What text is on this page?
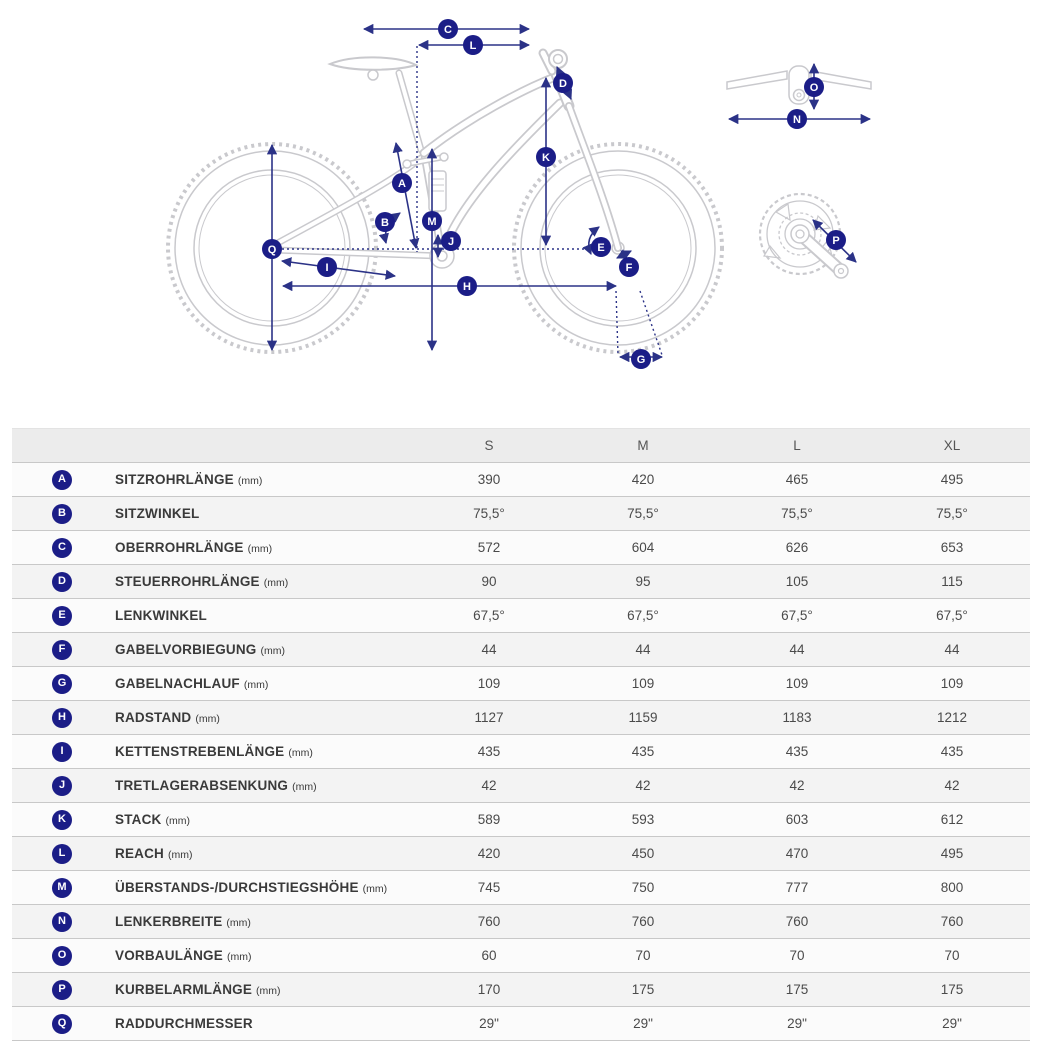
A
B
C
D
E
F
G
H
I
J
K
L
M
N
O
P
Q
		S	M	L	XL
A	SITZROHRLÄNGE (mm)	390	420	465	495
B	SITZWINKEL	75,5°	75,5°	75,5°	75,5°
C	OBERROHRLÄNGE (mm)	572	604	626	653
D	STEUERROHRLÄNGE (mm)	90	95	105	115
E	LENKWINKEL	67,5°	67,5°	67,5°	67,5°
F	GABELVORBIEGUNG (mm)	44	44	44	44
G	GABELNACHLAUF (mm)	109	109	109	109
H	RADSTAND (mm)	1127	1159	1183	1212
I	KETTENSTREBENLÄNGE (mm)	435	435	435	435
J	TRETLAGERABSENKUNG (mm)	42	42	42	42
K	STACK (mm)	589	593	603	612
L	REACH (mm)	420	450	470	495
M	ÜBERSTANDS-/DURCHSTIEGSHÖHE (mm)	745	750	777	800
N	LENKERBREITE (mm)	760	760	760	760
O	VORBAULÄNGE (mm)	60	70	70	70
P	KURBELARMLÄNGE (mm)	170	175	175	175
Q	RADDURCHMESSER	29"	29"	29"	29"
